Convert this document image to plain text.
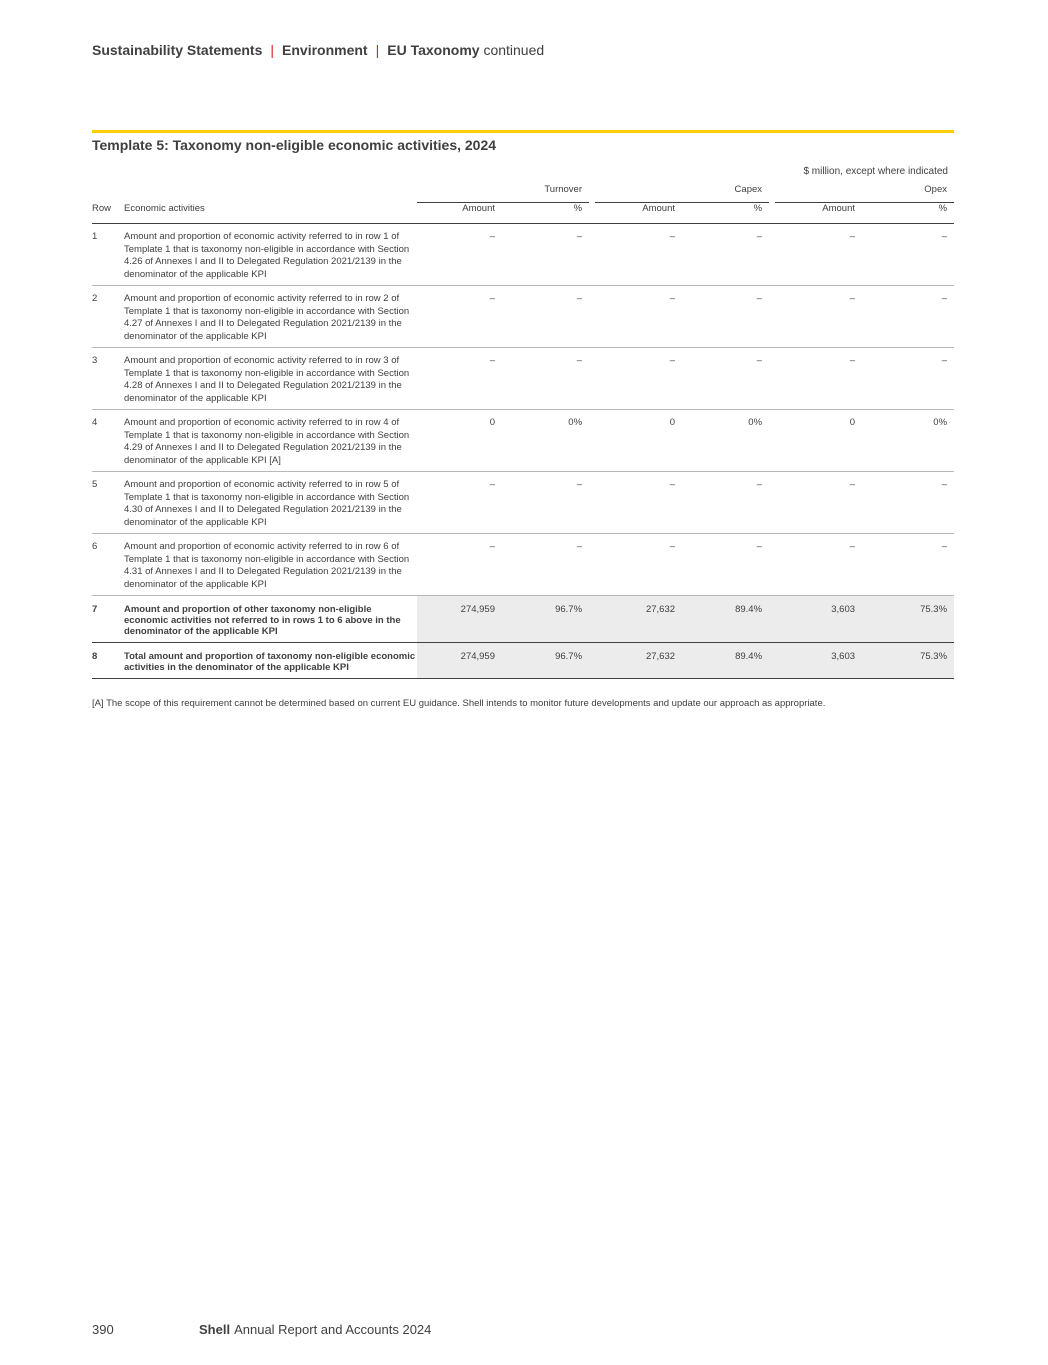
Sustainability Statements | Environment | EU Taxonomy continued
Template 5: Taxonomy non-eligible economic activities, 2024
$ million, except where indicated
		Turnover			Capex			Opex	
Row	Economic activities	Amount	%		Amount	%		Amount	%
1	Amount and proportion of economic activity referred to in row 1 of Template 1 that is taxonomy non-eligible in accordance with Section 4.26 of Annexes I and II to Delegated Regulation 2021/2139 in the denominator of the applicable KPI	–	–		–	–		–	–
2	Amount and proportion of economic activity referred to in row 2 of Template 1 that is taxonomy non-eligible in accordance with Section 4.27 of Annexes I and II to Delegated Regulation 2021/2139 in the denominator of the applicable KPI	–	–		–	–		–	–
3	Amount and proportion of economic activity referred to in row 3 of Template 1 that is taxonomy non-eligible in accordance with Section 4.28 of Annexes I and II to Delegated Regulation 2021/2139 in the denominator of the applicable KPI	–	–		–	–		–	–
4	Amount and proportion of economic activity referred to in row 4 of Template 1 that is taxonomy non-eligible in accordance with Section 4.29 of Annexes I and II to Delegated Regulation 2021/2139 in the denominator of the applicable KPI [A]	0	0%		0	0%		0	0%
5	Amount and proportion of economic activity referred to in row 5 of Template 1 that is taxonomy non-eligible in accordance with Section 4.30 of Annexes I and II to Delegated Regulation 2021/2139 in the denominator of the applicable KPI	–	–		–	–		–	–
6	Amount and proportion of economic activity referred to in row 6 of Template 1 that is taxonomy non-eligible in accordance with Section 4.31 of Annexes I and II to Delegated Regulation 2021/2139 in the denominator of the applicable KPI	–	–		–	–		–	–
7	Amount and proportion of other taxonomy non-eligible economic activities not referred to in rows 1 to 6 above in the denominator of the applicable KPI	274,959	96.7%		27,632	89.4%		3,603	75.3%
8	Total amount and proportion of taxonomy non-eligible economic activities in the denominator of the applicable KPI	274,959	96.7%		27,632	89.4%		3,603	75.3%
[A] The scope of this requirement cannot be determined based on current EU guidance. Shell intends to monitor future developments and update our approach as appropriate.
390	Shell Annual Report and Accounts 2024
